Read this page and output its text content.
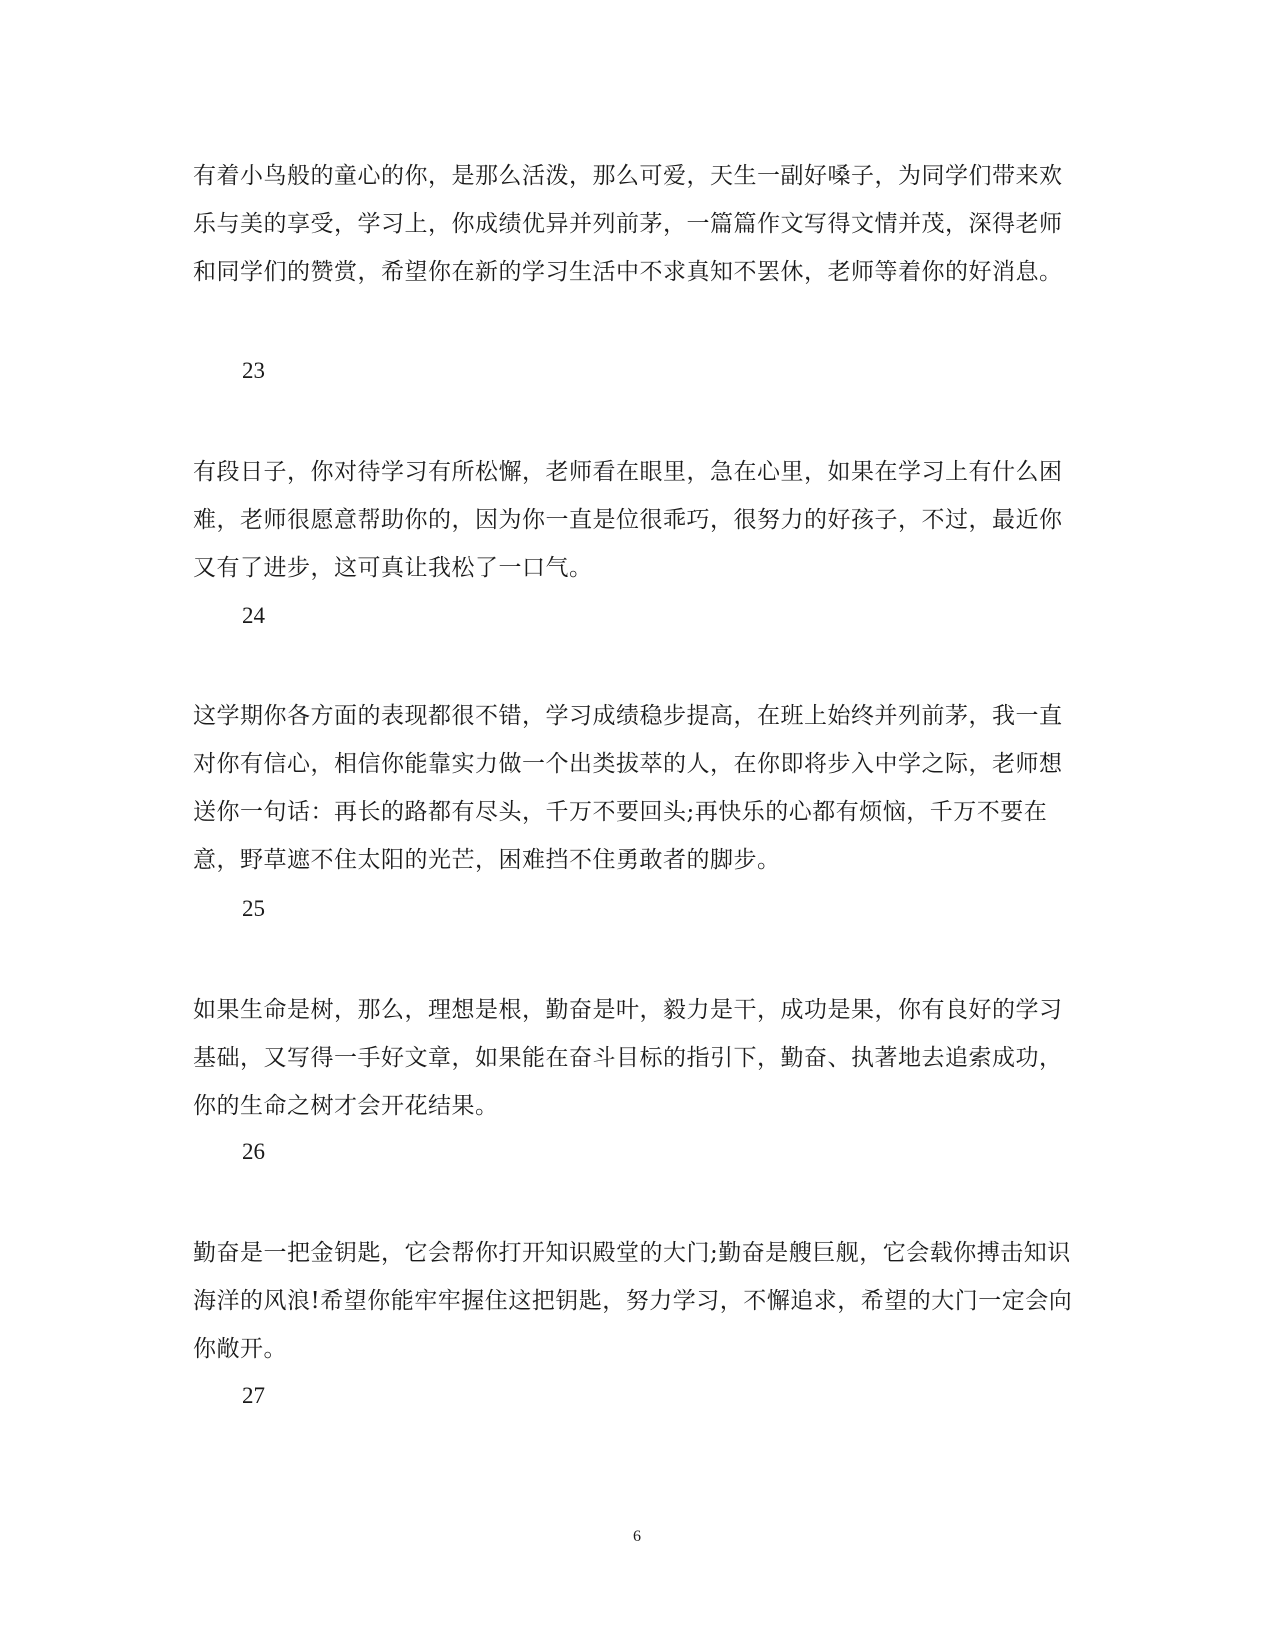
有着小鸟般的童心的你，是那么活泼，那么可爱，天生一副好嗓子，为同学们带来欢乐与美的享受，学习上，你成绩优异并列前茅，一篇篇作文写得文情并茂，深得老师和同学们的赞赏，希望你在新的学习生活中不求真知不罢休，老师等着你的好消息。

23

有段日子，你对待学习有所松懈，老师看在眼里，急在心里，如果在学习上有什么困难，老师很愿意帮助你的，因为你一直是位很乖巧，很努力的好孩子，不过，最近你又有了进步，这可真让我松了一口气。

24

这学期你各方面的表现都很不错，学习成绩稳步提高，在班上始终并列前茅，我一直对你有信心，相信你能靠实力做一个出类拔萃的人，在你即将步入中学之际，老师想送你一句话：再长的路都有尽头，千万不要回头;再快乐的心都有烦恼，千万不要在意，野草遮不住太阳的光芒，困难挡不住勇敢者的脚步。

25

如果生命是树，那么，理想是根，勤奋是叶，毅力是干，成功是果，你有良好的学习基础，又写得一手好文章，如果能在奋斗目标的指引下，勤奋、执著地去追索成功，你的生命之树才会开花结果。

26

勤奋是一把金钥匙，它会帮你打开知识殿堂的大门;勤奋是艘巨舰，它会载你搏击知识海洋的风浪!希望你能牢牢握住这把钥匙，努力学习，不懈追求，希望的大门一定会向你敞开。

27
6
